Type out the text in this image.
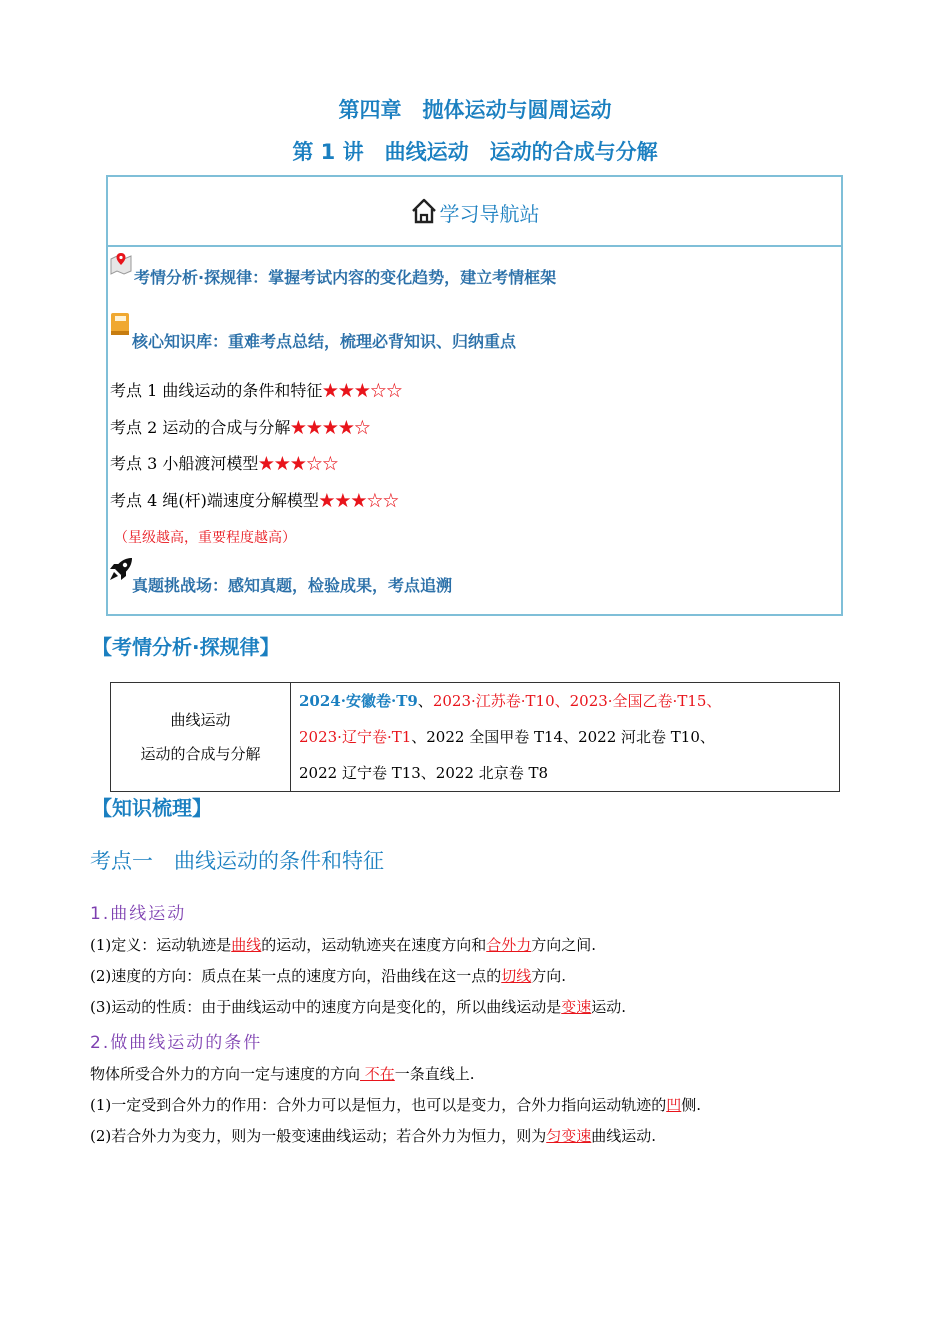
第四章　抛体运动与圆周运动
第 1 讲　曲线运动　运动的合成与分解
学习导航站
考情分析·探规律：掌握考试内容的变化趋势，建立考情框架
核心知识库：重难考点总结，梳理必背知识、归纳重点
考点 1 曲线运动的条件和特征★★★☆☆
考点 2 运动的合成与分解★★★★☆
考点 3 小船渡河模型★★★☆☆
考点 4 绳(杆)端速度分解模型★★★☆☆
（星级越高，重要程度越高）
真题挑战场：感知真题，检验成果，考点追溯
【考情分析·探规律】
曲线运动
运动的合成与分解

2024·安徽卷·T9、2023·江苏卷·T10、2023·全国乙卷·T15、
2023·辽宁卷·T1、2022 全国甲卷 T14、2022 河北卷 T10、
2022 辽宁卷 T13、2022 北京卷 T8
【知识梳理】
考点一　曲线运动的条件和特征
1.曲线运动
(1)定义：运动轨迹是曲线的运动，运动轨迹夹在速度方向和合外力方向之间.
(2)速度的方向：质点在某一点的速度方向，沿曲线在这一点的切线方向.
(3)运动的性质：由于曲线运动中的速度方向是变化的，所以曲线运动是变速运动.
2.做曲线运动的条件
物体所受合外力的方向一定与速度的方向 不在一条直线上.
(1)一定受到合外力的作用：合外力可以是恒力，也可以是变力，合外力指向运动轨迹的凹侧.
(2)若合外力为变力，则为一般变速曲线运动；若合外力为恒力，则为匀变速曲线运动.
